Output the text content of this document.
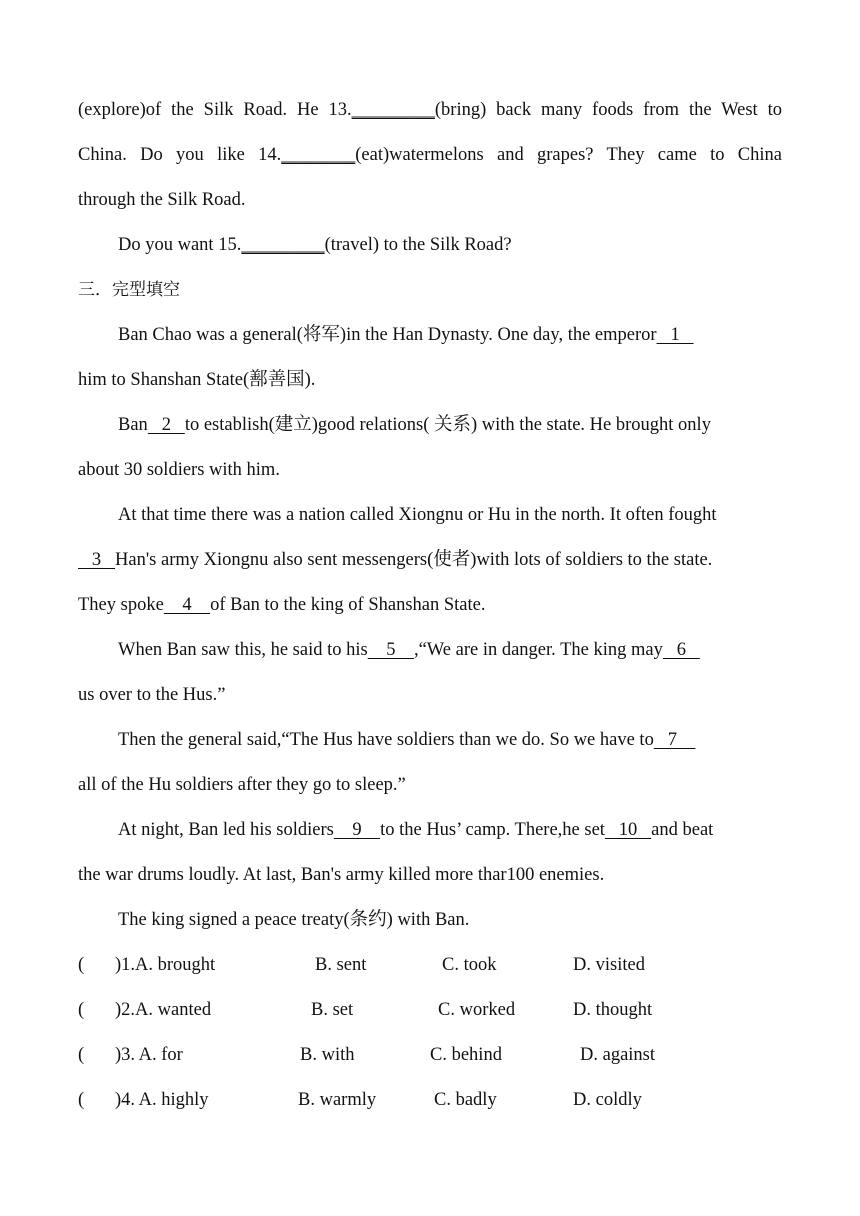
(explore)of the Silk Road. He 13._________(bring) back many foods from the West to
China. Do you like 14.________(eat)watermelons and grapes? They came to China
through the Silk Road.
Do you want 15._________(travel) to the Silk Road?
三．完型填空
Ban Chao was a general(将军)in the Han Dynasty. One day, the emperor   1
him to Shanshan State(鄯善国).
Ban   2   to establish(建立)good relations( 关系) with the state. He brought only
about 30 soldiers with him.
At that time there was a nation called Xiongnu or Hu in the north. It often fought
3   Han's army Xiongnu also sent messengers(使者)with lots of soldiers to the state.
They spoke    4    of Ban to the king of Shanshan State.
When Ban saw this, he said to his    5    ,“We are in danger. The king may   6
us over to the Hus.”
Then the general said,“The Hus have soldiers than we do. So we have to   7
all of the Hu soldiers after they go to sleep.”
At night, Ban led his soldiers    9    to the Hus’ camp. There,he set   10   and beat
the war drums loudly. At last, Ban's army killed more thar100 enemies.
The king signed a peace treaty(条约) with Ban.
( )1.A. brought	B. sent	C. took	D. visited
( )2.A. wanted	B. set	C. worked	D. thought
( )3. A. for	B. with	C. behind	D. against
( )4. A. highly	B. warmly	C. badly	D. coldly
